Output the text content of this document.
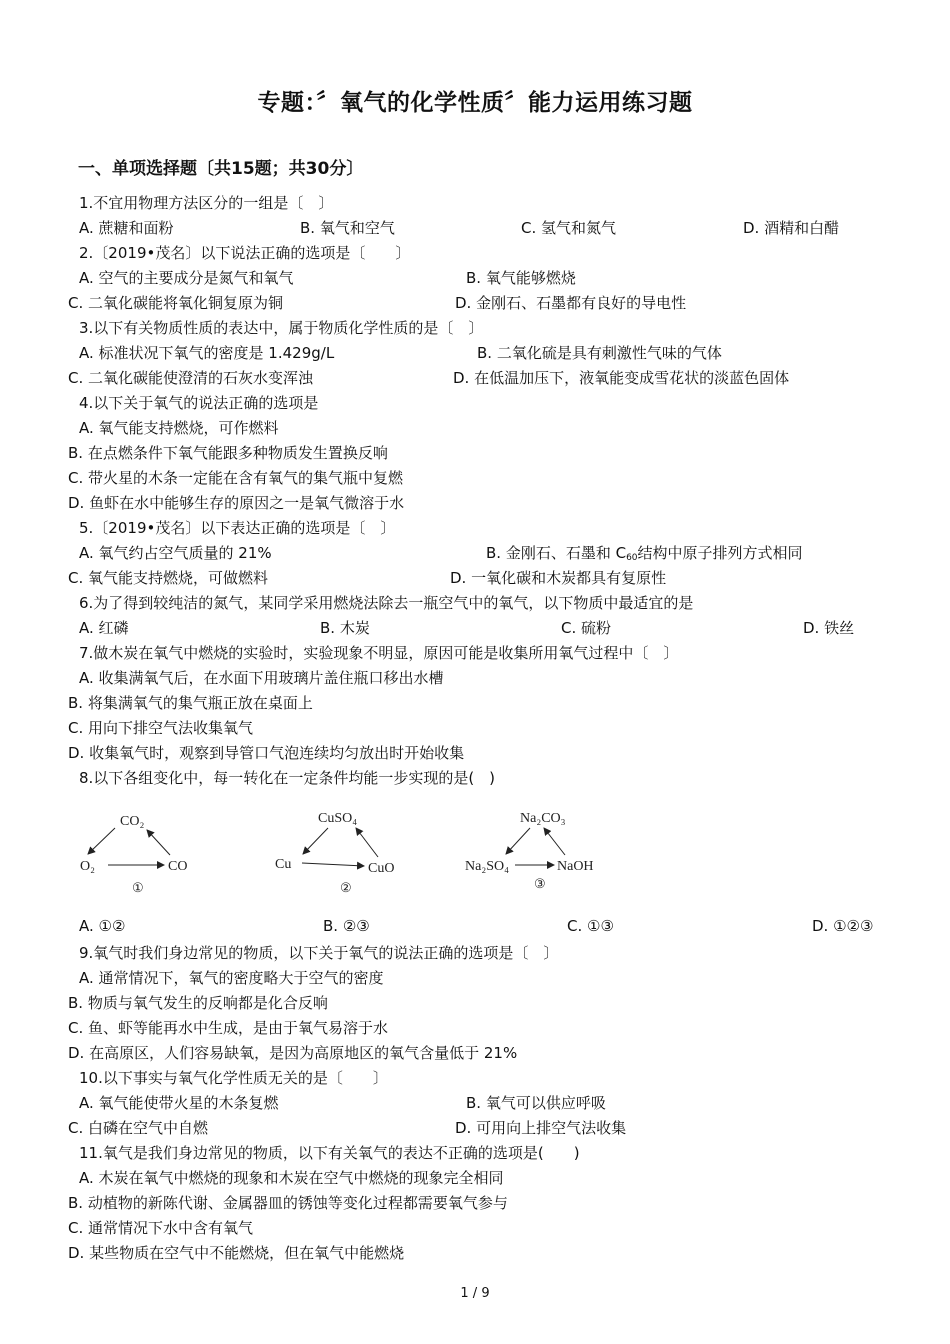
专题：〞氧气的化学性质〞能力运用练习题
一、单项选择题〔共15题；共30分〕
1.不宜用物理方法区分的一组是〔　〕
A. 蔗糖和面粉	B. 氧气和空气	C. 氢气和氮气	D. 酒精和白醋
2.〔2019•茂名〕以下说法正确的选项是〔　　〕
A. 空气的主要成分是氮气和氧气	B. 氧气能够燃烧
C. 二氧化碳能将氧化铜复原为铜	D. 金刚石、石墨都有良好的导电性
3.以下有关物质性质的表达中，属于物质化学性质的是〔　〕
A. 标准状况下氧气的密度是 1.429g/L	B. 二氧化硫是具有刺激性气味的气体
C. 二氧化碳能使澄清的石灰水变浑浊	D. 在低温加压下，液氧能变成雪花状的淡蓝色固体
4.以下关于氧气的说法正确的选项是
A. 氧气能支持燃烧，可作燃料
B. 在点燃条件下氧气能跟多种物质发生置换反响
C. 带火星的木条一定能在含有氧气的集气瓶中复燃
D. 鱼虾在水中能够生存的原因之一是氧气微溶于水
5.〔2019•茂名〕以下表达正确的选项是〔　〕
A. 氧气约占空气质量的 21%	B. 金刚石、石墨和 $C_{60}$结构中原子排列方式相同
C. 氧气能支持燃烧，可做燃料	D. 一氧化碳和木炭都具有复原性
6.为了得到较纯洁的氮气，某同学采用燃烧法除去一瓶空气中的氧气，以下物质中最适宜的是
A. 红磷	B. 木炭	C. 硫粉	D. 铁丝
7.做木炭在氧气中燃烧的实验时，实验现象不明显，原因可能是收集所用氧气过程中〔　〕
A. 收集满氧气后，在水面下用玻璃片盖住瓶口移出水槽
B. 将集满氧气的集气瓶正放在桌面上
C. 用向下排空气法收集氧气
D. 收集氧气时，观察到导管口气泡连续均匀放出时开始收集
8.以下各组变化中，每一转化在一定条件均能一步实现的是(　)
CO₂
O₂	CO
①
CuSO₄
Cu	CuO
②
Na₂CO₃
Na₂SO₄	NaOH
③
A. ①②	B. ②③	C. ①③	D. ①②③
9.氧气时我们身边常见的物质，以下关于氧气的说法正确的选项是〔　〕
A. 通常情况下，氧气的密度略大于空气的密度
B. 物质与氧气发生的反响都是化合反响
C. 鱼、虾等能再水中生成，是由于氧气易溶于水
D. 在高原区，人们容易缺氧，是因为高原地区的氧气含量低于 21%
10.以下事实与氧气化学性质无关的是〔　　〕
A. 氧气能使带火星的木条复燃	B. 氧气可以供应呼吸
C. 白磷在空气中自燃	D. 可用向上排空气法收集
11.氧气是我们身边常见的物质，以下有关氧气的表达不正确的选项是(　　)
A. 木炭在氧气中燃烧的现象和木炭在空气中燃烧的现象完全相同
B. 动植物的新陈代谢、金属器皿的锈蚀等变化过程都需要氧气参与
C. 通常情况下水中含有氧气
D. 某些物质在空气中不能燃烧，但在氧气中能燃烧
1 / 9
